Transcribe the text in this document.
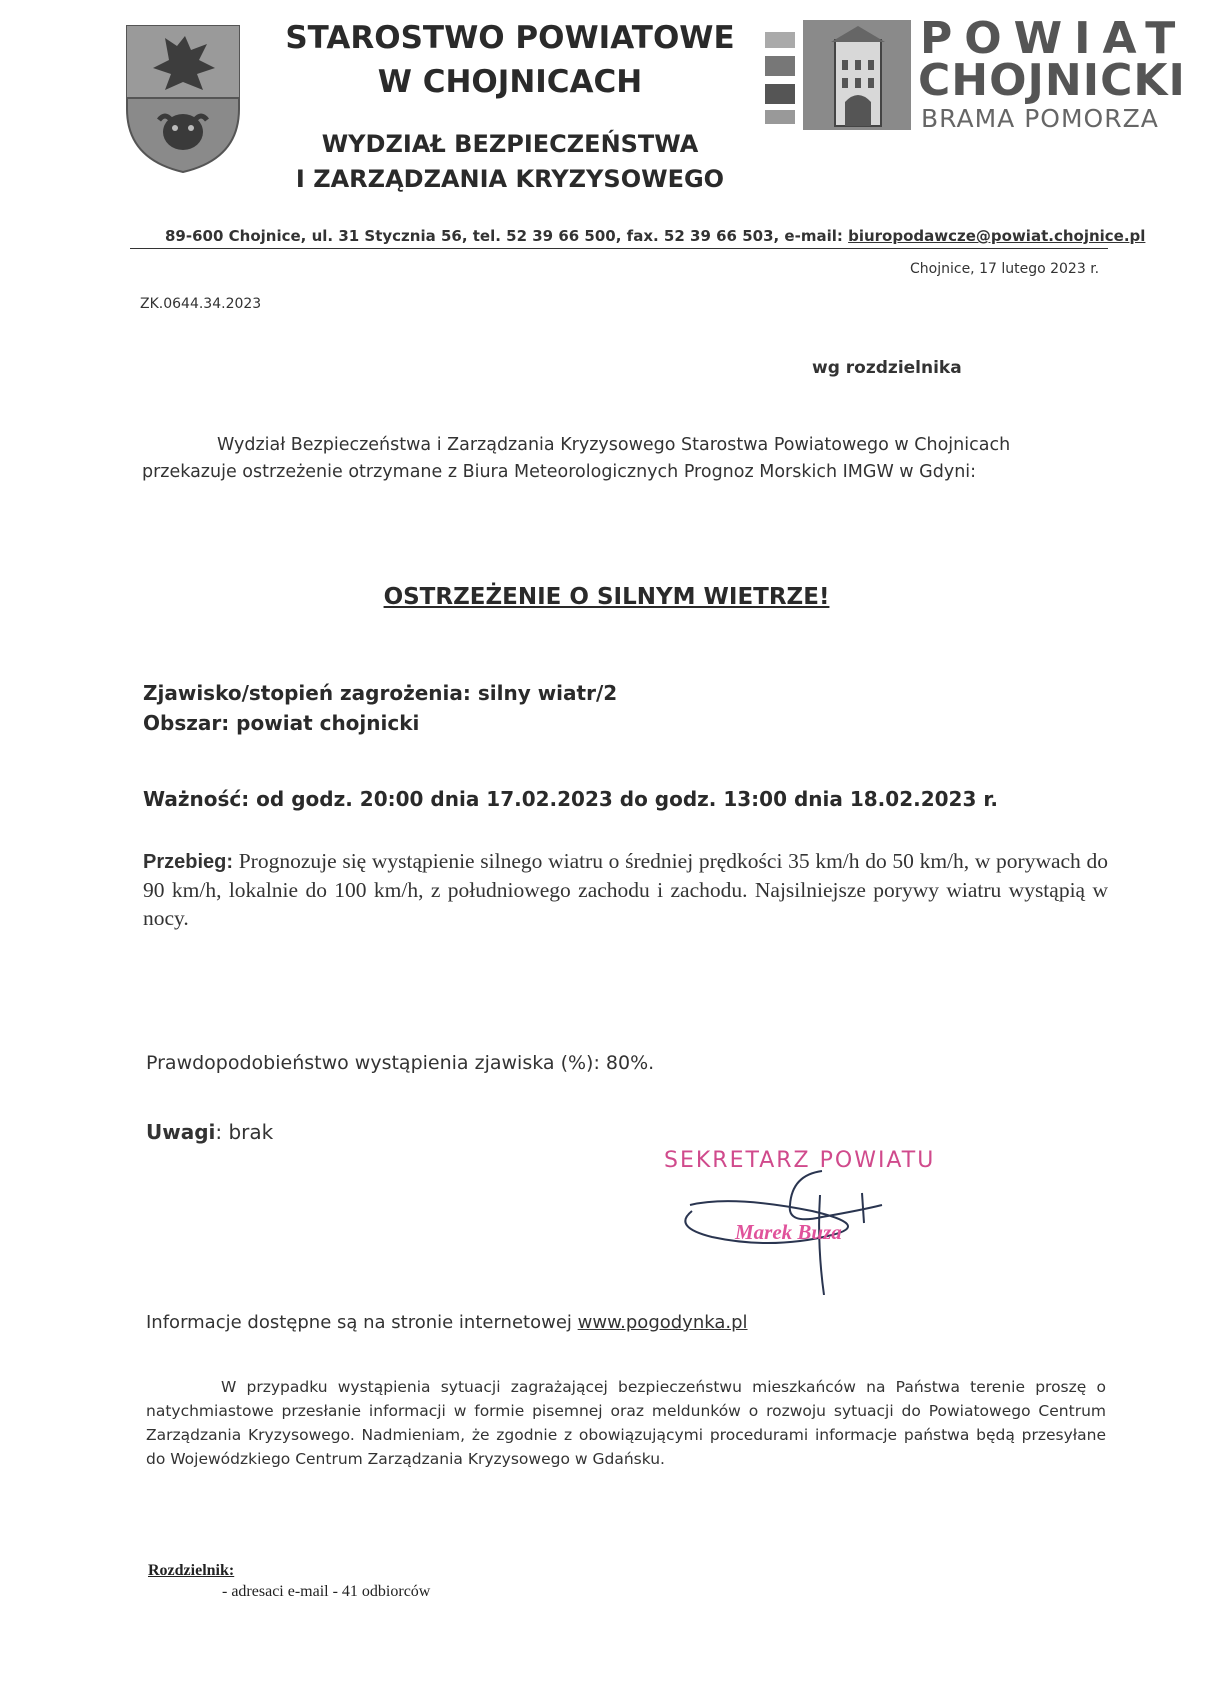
STAROSTWO POWIATOWE
W CHOJNICACH
WYDZIAŁ BEZPIECZEŃSTWA
I ZARZĄDZANIA KRYZYSOWEGO
POWIAT
CHOJNICKI
BRAMA POMORZA
89-600 Chojnice, ul. 31 Stycznia 56, tel. 52 39 66 500, fax. 52 39 66 503, e-mail: biuropodawcze@powiat.chojnice.pl
Chojnice, 17 lutego 2023 r.
ZK.0644.34.2023
wg rozdzielnika
Wydział Bezpieczeństwa i Zarządzania Kryzysowego Starostwa Powiatowego w Chojnicach przekazuje ostrzeżenie otrzymane z Biura Meteorologicznych Prognoz Morskich IMGW w Gdyni:
OSTRZEŻENIE O SILNYM WIETRZE!
Zjawisko/stopień zagrożenia: silny wiatr/2
Obszar: powiat chojnicki
Ważność: od godz. 20:00 dnia 17.02.2023 do godz. 13:00 dnia 18.02.2023 r.
Przebieg: Prognozuje się wystąpienie silnego wiatru o średniej prędkości 35 km/h do 50 km/h, w porywach do 90 km/h, lokalnie do 100 km/h, z południowego zachodu i zachodu. Najsilniejsze porywy wiatru wystąpią w nocy.
Prawdopodobieństwo wystąpienia zjawiska (%): 80%.
Uwagi: brak
SEKRETARZ POWIATU
Marek Buza
Informacje dostępne są na stronie internetowej www.pogodynka.pl
W przypadku wystąpienia sytuacji zagrażającej bezpieczeństwu mieszkańców na Państwa terenie proszę o natychmiastowe przesłanie informacji w formie pisemnej oraz meldunków o rozwoju sytuacji do Powiatowego Centrum Zarządzania Kryzysowego. Nadmieniam, że zgodnie z obowiązującymi procedurami informacje państwa będą przesyłane do Wojewódzkiego Centrum Zarządzania Kryzysowego w Gdańsku.
Rozdzielnik:
- adresaci e-mail - 41 odbiorców
